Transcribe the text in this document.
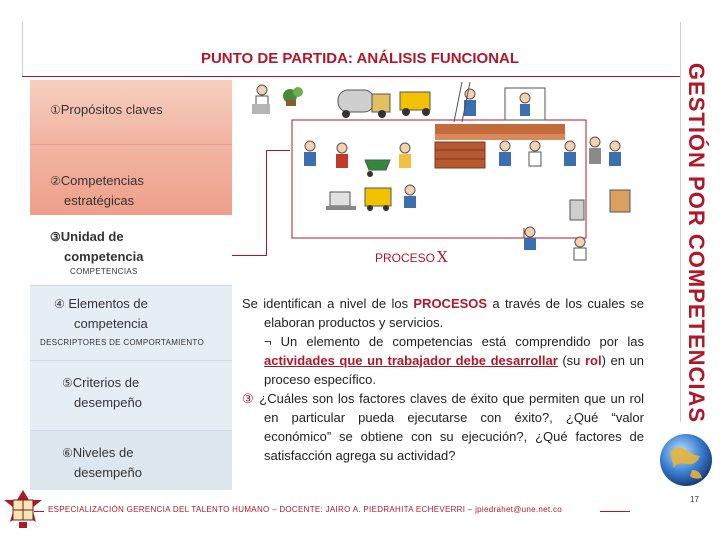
PUNTO DE PARTIDA: ANÁLISIS FUNCIONAL
GESTIÓN POR COMPETENCIAS
①Propósitos claves
②Competencias
estratégicas
③Unidad de
competencia
COMPETENCIAS
④ Elementos de
competencia
DESCRIPTORES DE COMPORTAMIENTO
⑤Criterios de
desempeño
⑥Niveles de
desempeño
PROCESO X

Se identifican a nivel de los PROCESOS a través de los cuales se elaboran productos y servicios.

¬ Un elemento de competencias está comprendido por las actividades que un trabajador debe desarrollar (su rol) en un proceso específico.

③ ¿Cuáles son los factores claves de éxito que permiten que un rol en particular pueda ejecutarse con éxito?, ¿Qué “valor económico” se obtiene con su ejecución?, ¿Qué factores de satisfacción agrega su actividad?

ESPECIALIZACIÓN GERENCIA DEL TALENTO HUMANO – DOCENTE: JAIRO A. PIEDRAHITA ECHEVERRI – jpiedrahet@une.net.co
17
